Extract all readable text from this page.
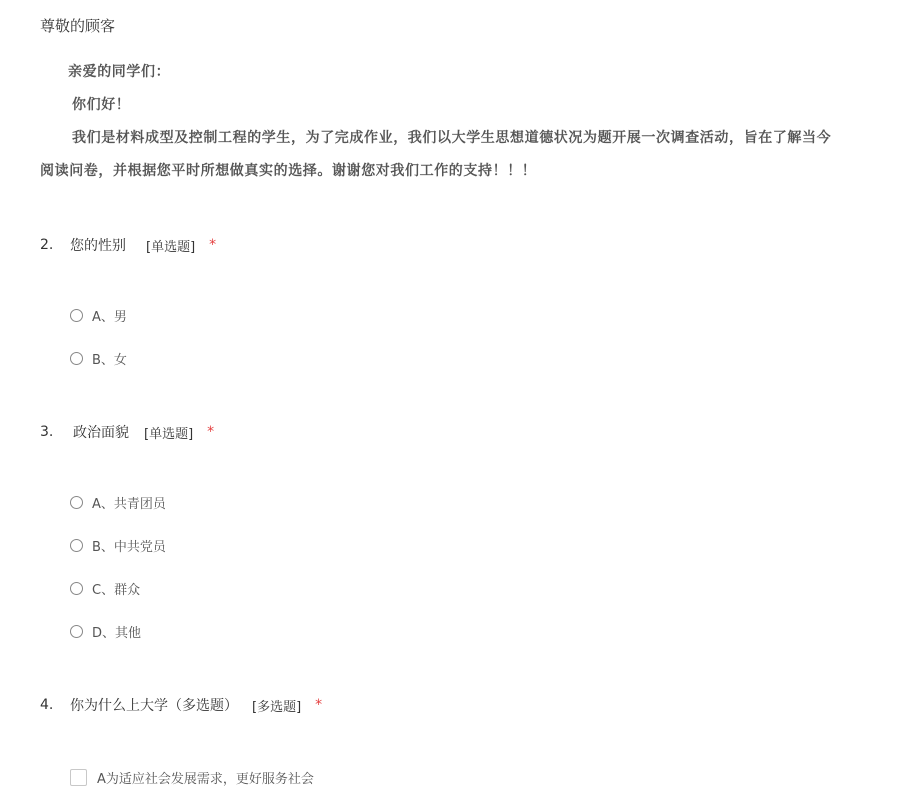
尊敬的顾客
亲爱的同学们：
你们好！
我们是材料成型及控制工程的学生，为了完成作业，我们以大学生思想道德状况为题开展一次调查活动，旨在了解当今
阅读问卷，并根据您平时所想做真实的选择。谢谢您对我们工作的支持！！！
2.	您的性别 [单选题] *
A、男
B、女
3.	政治面貌 [单选题] *
A、共青团员
B、中共党员
C、群众
D、其他
4.	你为什么上大学（多选题） [多选题] *
A为适应社会发展需求，更好服务社会
